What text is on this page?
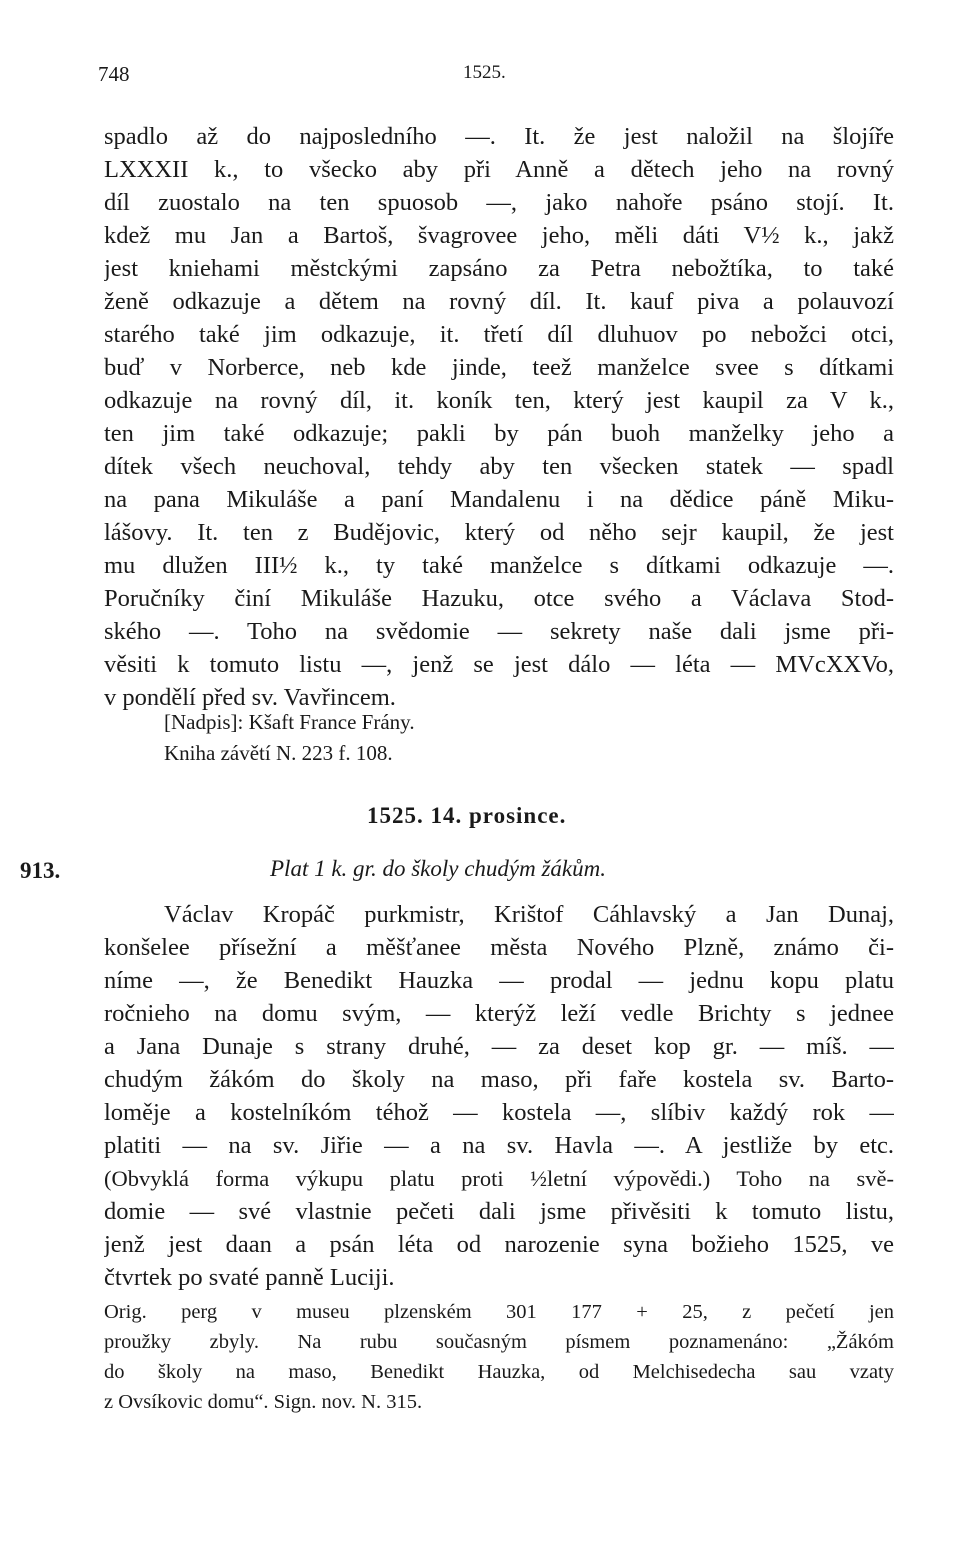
748	1525.
spadlo až do najposledního —. It. že jest naložil na šlojíře
LXXXII k., to všecko aby při Anně a dětech jeho na rovný
díl zuostalo na ten spuosob —, jako nahoře psáno stojí. It.
kdež mu Jan a Bartoš, švagrovee jeho, měli dáti V½ k., jakž
jest kniehami městckými zapsáno za Petra nebožtíka, to také
ženě odkazuje a dětem na rovný díl. It. kauf piva a polauvozí
starého také jim odkazuje, it. třetí díl dluhuov po nebožci otci,
buď v Norberce, neb kde jinde, teež manželce svee s dítkami
odkazuje na rovný díl, it. koník ten, který jest kaupil za V k.,
ten jim také odkazuje; pakli by pán buoh manželky jeho a
dítek všech neuchoval, tehdy aby ten všecken statek — spadl
na pana Mikuláše a paní Mandalenu i na dědice páně Miku-
lášovy. It. ten z Budějovic, který od něho sejr kaupil, že jest
mu dlužen III½ k., ty také manželce s dítkami odkazuje —.
Poručníky činí Mikuláše Hazuku, otce svého a Václava Stod-
ského —. Toho na svědomie — sekrety naše dali jsme při-
věsiti k tomuto listu —, jenž se jest dálo — léta — MVcXXVo,
v pondělí před sv. Vavřincem.
[Nadpis]: Kšaft France Frány.
Kniha závětí N. 223 f. 108.
1525. 14. prosince.
913.	Plat 1 k. gr. do školy chudým žákům.
Václav Kropáč purkmistr, Krištof Cáhlavský a Jan Dunaj,
konšelee přísežní a měšťanee města Nového Plzně, známo či-
níme —, že Benedikt Hauzka — prodal — jednu kopu platu
ročnieho na domu svým, — kterýž leží vedle Brichty s jednee
a Jana Dunaje s strany druhé, — za deset kop gr. — míš. —
chudým žákóm do školy na maso, při faře kostela sv. Barto-
loměje a kostelníkóm téhož — kostela —, slíbiv každý rok —
platiti — na sv. Jiřie — a na sv. Havla —. A jestliže by etc.
(Obvyklá forma výkupu platu proti ½letní výpovědi.) Toho na svě-
domie — své vlastnie pečeti dali jsme přivěsiti k tomuto listu,
jenž jest daan a psán léta od narozenie syna božieho 1525, ve
čtvrtek po svaté panně Luciji.
Orig. perg v museu plzenském 301 177 + 25, z pečetí jen
proužky zbyly. Na rubu současným písmem poznamenáno: „Žákóm
do školy na maso, Benedikt Hauzka, od Melchisedecha sau vzaty
z Ovsíkovic domu“. Sign. nov. N. 315.
